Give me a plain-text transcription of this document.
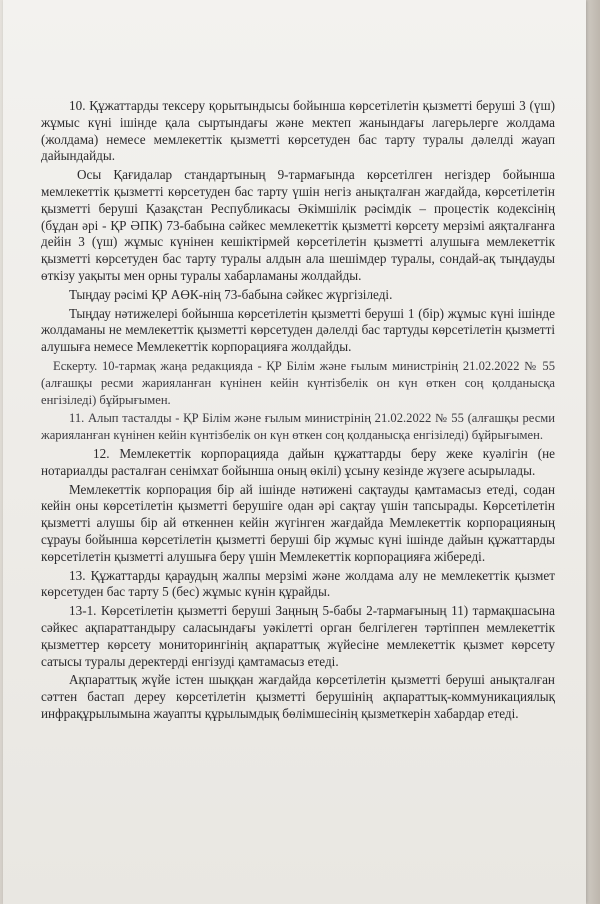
10. Құжаттарды тексеру қорытындысы бойынша көрсетілетін қызметті беруші 3 (үш) жұмыс күні ішінде қала сыртындағы және мектеп жанындағы лагерьлерге жолдама (жолдама) немесе мемлекеттік қызметті көрсетуден бас тарту туралы дәлелді жауап дайындайды.

Осы Қағидалар стандартының 9-тармағында көрсетілген негіздер бойынша мемлекеттік қызметті көрсетуден бас тарту үшін негіз анықталған жағдайда, көрсетілетін қызметті беруші Қазақстан Республикасы Әкімшілік рәсімдік – процестік кодексінің (бұдан әрі - ҚР ӘПК) 73-бабына сәйкес мемлекеттік қызметті көрсету мерзімі аяқталғанға дейін 3 (үш) жұмыс күнінен кешіктірмей көрсетілетін қызметті алушыға мемлекеттік қызметті көрсетуден бас тарту туралы алдын ала шешімдер туралы, сондай-ақ тыңдауды өткізу уақыты мен орны туралы хабарламаны жолдайды.

Тыңдау рәсімі ҚР АӨК-нің 73-бабына сәйкес жүргізіледі.

Тыңдау нәтижелері бойынша көрсетілетін қызметті беруші 1 (бір) жұмыс күні ішінде жолдаманы не мемлекеттік қызметті көрсетуден дәлелді бас тартуды көрсетілетін қызметті алушыға немесе Мемлекеттік корпорацияға жолдайды.

Ескерту. 10-тармақ жаңа редакцияда - ҚР Білім және ғылым министрінің 21.02.2022 № 55 (алғашқы ресми жарияланған күнінен кейін күнтізбелік он күн өткен соң қолданысқа енгізіледі) бұйрығымен.

11. Алып тасталды - ҚР Білім және ғылым министрінің 21.02.2022 № 55 (алғашқы ресми жарияланған күнінен кейін күнтізбелік он күн өткен соң қолданысқа енгізіледі) бұйрығымен.

12. Мемлекеттік корпорацияда дайын құжаттарды беру жеке куәлігін (не нотариалды расталған сенімхат бойынша оның өкілі) ұсыну кезінде жүзеге асырылады.

Мемлекеттік корпорация бір ай ішінде нәтижені сақтауды қамтамасыз етеді, содан кейін оны көрсетілетін қызметті берушіге одан әрі сақтау үшін тапсырады. Көрсетілетін қызметті алушы бір ай өткеннен кейін жүгінген жағдайда Мемлекеттік корпорацияның сұрауы бойынша көрсетілетін қызметті беруші бір жұмыс күні ішінде дайын құжаттарды көрсетілетін қызметті алушыға беру үшін Мемлекеттік корпорацияға жібереді.

13. Құжаттарды қараудың жалпы мерзімі және жолдама алу не мемлекеттік қызмет көрсетуден бас тарту 5 (бес) жұмыс күнін құрайды.

13-1. Көрсетілетін қызметті беруші Заңның 5-бабы 2-тармағының 11) тармақшасына сәйкес ақпараттандыру саласындағы уәкілетті орган белгілеген тәртіппен мемлекеттік қызметтер көрсету мониторингінің ақпараттық жүйесіне мемлекеттік қызмет көрсету сатысы туралы деректерді енгізуді қамтамасыз етеді.

Ақпараттық жүйе істен шыққан жағдайда көрсетілетін қызметті беруші анықталған сәттен бастап дереу көрсетілетін қызметті берушінің ақпараттық-коммуникациялық инфрақұрылымына жауапты құрылымдық бөлімшесінің қызметкерін хабардар етеді.
